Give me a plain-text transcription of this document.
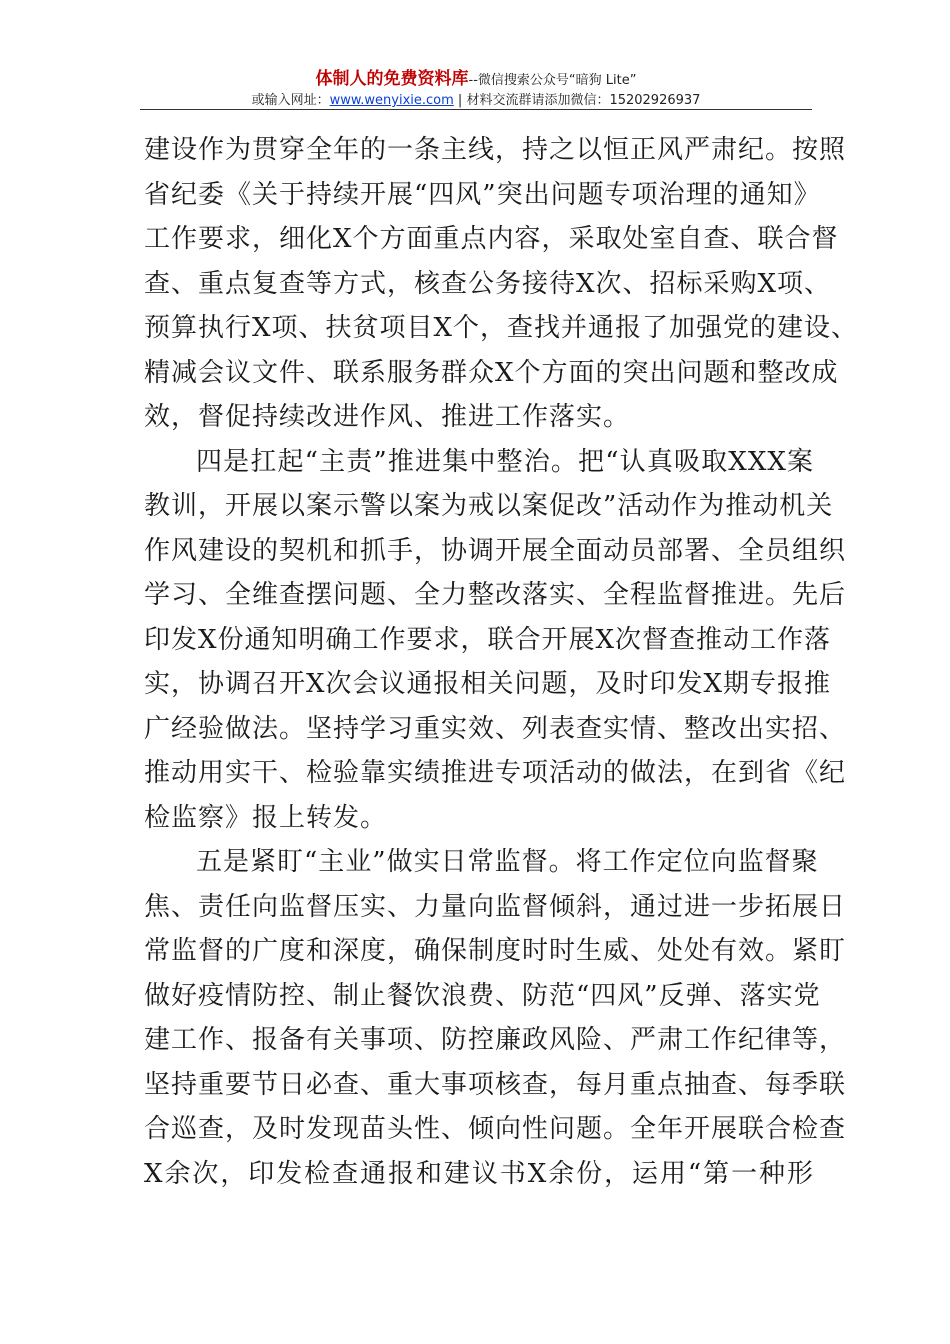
体制人的免费资料库--微信搜索公众号“暗狗 Lite”
或输入网址：www.wenyixie.com | 材料交流群请添加微信：15202926937
建设作为贯穿全年的一条主线，持之以恒正风严肃纪。按照
省纪委《关于持续开展“四风”突出问题专项治理的通知》
工作要求，细化X个方面重点内容，采取处室自查、联合督
查、重点复查等方式，核查公务接待X次、招标采购X项、
预算执行X项、扶贫项目X个，查找并通报了加强党的建设、
精减会议文件、联系服务群众X个方面的突出问题和整改成
效，督促持续改进作风、推进工作落实。
四是扛起“主责”推进集中整治。把“认真吸取XXX案
教训，开展以案示警以案为戒以案促改”活动作为推动机关
作风建设的契机和抓手，协调开展全面动员部署、全员组织
学习、全维查摆问题、全力整改落实、全程监督推进。先后
印发X份通知明确工作要求，联合开展X次督查推动工作落
实，协调召开X次会议通报相关问题，及时印发X期专报推
广经验做法。坚持学习重实效、列表查实情、整改出实招、
推动用实干、检验靠实绩推进专项活动的做法，在到省《纪
检监察》报上转发。
五是紧盯“主业”做实日常监督。将工作定位向监督聚
焦、责任向监督压实、力量向监督倾斜，通过进一步拓展日
常监督的广度和深度，确保制度时时生威、处处有效。紧盯
做好疫情防控、制止餐饮浪费、防范“四风”反弹、落实党
建工作、报备有关事项、防控廉政风险、严肃工作纪律等，
坚持重要节日必查、重大事项核查，每月重点抽查、每季联
合巡查，及时发现苗头性、倾向性问题。全年开展联合检查
X余次，印发检查通报和建议书X余份，运用“第一种形
